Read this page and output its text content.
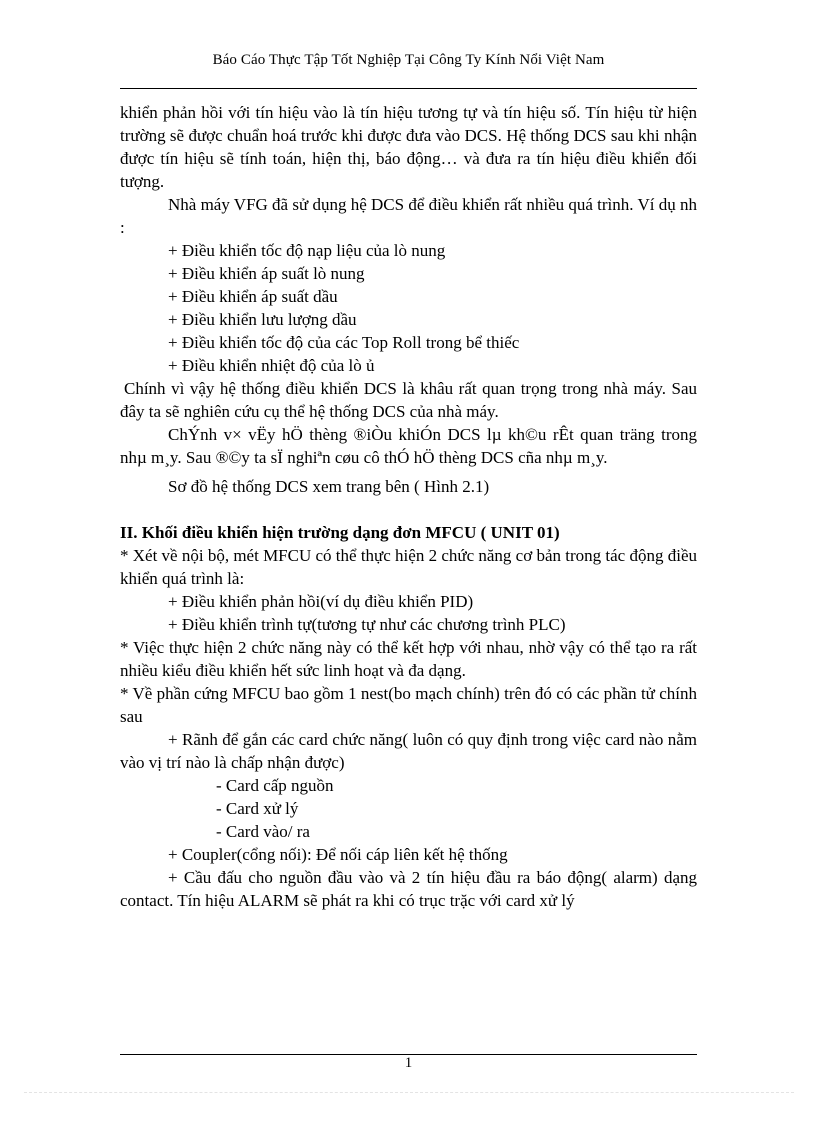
Báo Cáo Thực Tập Tốt Nghiệp Tại Công Ty Kính Nổi Việt Nam

khiển phản hồi với tín hiệu vào là tín hiệu tương tự và tín hiệu số. Tín hiệu từ hiện trường sẽ được chuẩn hoá trước khi được đưa vào DCS. Hệ thống DCS sau khi nhận được tín hiệu sẽ tính toán, hiện thị, báo động… và đưa ra tín hiệu điều khiển đối tượng.

Nhà máy VFG đã sử dụng hệ DCS để điều khiển rất nhiều quá trình. Ví dụ nh :

+ Điều khiển tốc độ nạp liệu của lò nung

+ Điều khiển áp suất lò nung

+ Điều khiển áp suất dầu

+ Điều khiển lưu lượng dầu

+ Điều khiển tốc độ của các Top Roll trong bể thiếc

+ Điều khiển nhiệt độ của lò ủ

Chính vì vậy hệ thống điều khiển DCS là khâu rất quan trọng trong nhà máy. Sau đây ta sẽ nghiên cứu cụ thể hệ thống DCS của nhà máy.

ChÝnh v× vËy hÖ thèng ®iÒu khiÓn DCS lµ kh©u rÊt quan träng trong nhµ m¸y. Sau ®©y ta sÏ nghiªn cøu cô thÓ hÖ thèng DCS cña nhµ m¸y.

Sơ đồ hệ thống DCS xem trang bên ( Hình 2.1)

II. Khối điều khiển hiện trường dạng đơn MFCU ( UNIT 01)

* Xét về nội bộ, mét MFCU có thể thực hiện 2 chức năng cơ bản trong tác động điều khiển quá trình là:

+ Điều khiển phản hồi(ví dụ điều khiển PID)

+ Điều khiển trình tự(tương tự như các chương trình PLC)

* Việc thực hiện 2 chức năng này có thể kết hợp với nhau, nhờ vậy có thể tạo ra rất nhiều kiểu điều khiển hết sức linh hoạt và đa dạng.

* Về phần cứng MFCU bao gồm 1 nest(bo mạch chính) trên đó có các phần tử chính sau

+ Rãnh để gắn các card chức năng( luôn có quy định trong việc card nào nằm vào vị trí nào là chấp nhận được)

- Card cấp nguồn

- Card xử lý

- Card vào/ ra

+ Coupler(cổng nối): Để nối cáp liên kết hệ thống

+ Cầu đấu cho nguồn đầu vào và 2 tín hiệu đầu ra báo động( alarm) dạng contact. Tín hiệu ALARM sẽ phát ra khi có trục trặc với card xử lý

1
